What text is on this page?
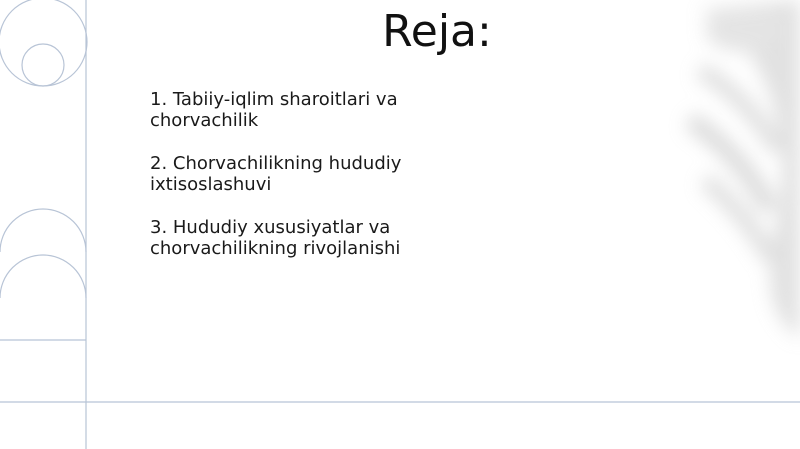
Reja:
1. Tabiiy-iqlim sharoitlari va
chorvachilik
2. Chorvachilikning hududiy
ixtisoslashuvi
3. Hududiy xususiyatlar va
chorvachilikning rivojlanishi
